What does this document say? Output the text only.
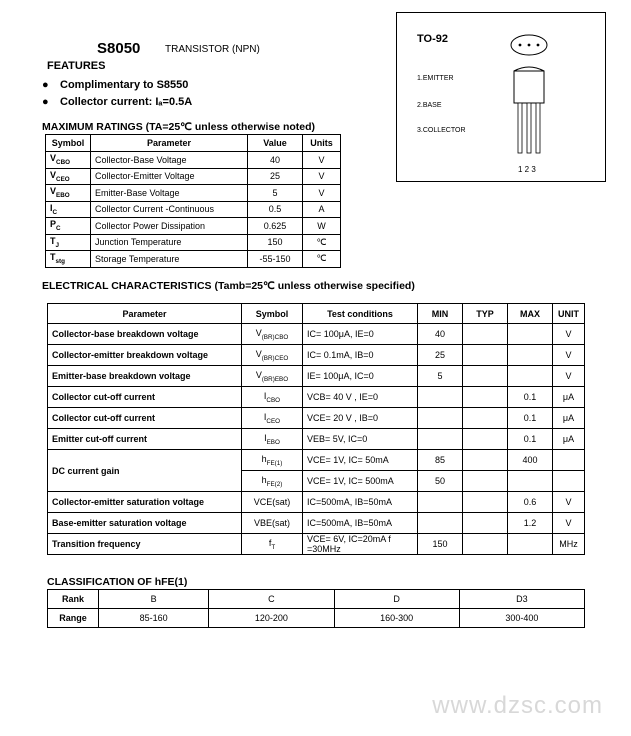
S8050 TRANSISTOR (NPN)
FEATURES
● Complimentary to S8550
● Collector current: Iₐ=0.5A
MAXIMUM RATINGS (TA=25℃ unless otherwise noted)
Symbol	Parameter	Value	Units
$V_{CBO}$	Collector-Base Voltage	40	V
$V_{CEO}$	Collector-Emitter Voltage	25	V
$V_{EBO}$	Emitter-Base Voltage	5	V
$I_C$	Collector Current -Continuous	0.5	A
$P_C$	Collector Power Dissipation	0.625	W
$T_J$	Junction Temperature	150	℃
$T_{stg}$	Storage Temperature	-55-150	℃
TO-92
1.EMITTER
2.BASE
3.COLLECTOR
1 2 3
ELECTRICAL CHARACTERISTICS (Tamb=25℃ unless otherwise specified)
Parameter	Symbol	Test conditions	MIN	TYP	MAX	UNIT
Collector-base breakdown voltage	$V_{(BR)CBO}$	IC= 100μA, IE=0	40			V
Collector-emitter breakdown voltage	$V_{(BR)CEO}$	IC= 0.1mA, IB=0	25			V
Emitter-base breakdown voltage	$V_{(BR)EBO}$	IE= 100μA, IC=0	5			V
Collector cut-off current	$I_{CBO}$	VCB= 40 V , IE=0			0.1	μA
Collector cut-off current	$I_{CEO}$	VCE= 20 V , IB=0			0.1	μA
Emitter cut-off current	$I_{EBO}$	VEB= 5V, IC=0			0.1	μA
DC current gain	$h_{FE(1)}$	VCE= 1V, IC= 50mA	85		400	
	$h_{FE(2)}$	VCE= 1V, IC= 500mA	50			
Collector-emitter saturation voltage	VCE(sat)	IC=500mA, IB=50mA			0.6	V
Base-emitter saturation voltage	VBE(sat)	IC=500mA, IB=50mA			1.2	V
Transition frequency	$f_T$	VCE= 6V, IC=20mA f =30MHz	150			MHz
CLASSIFICATION OF hFE(1)
Rank	B	C	D	D3
Range	85-160	120-200	160-300	300-400
www.dzsc.com
